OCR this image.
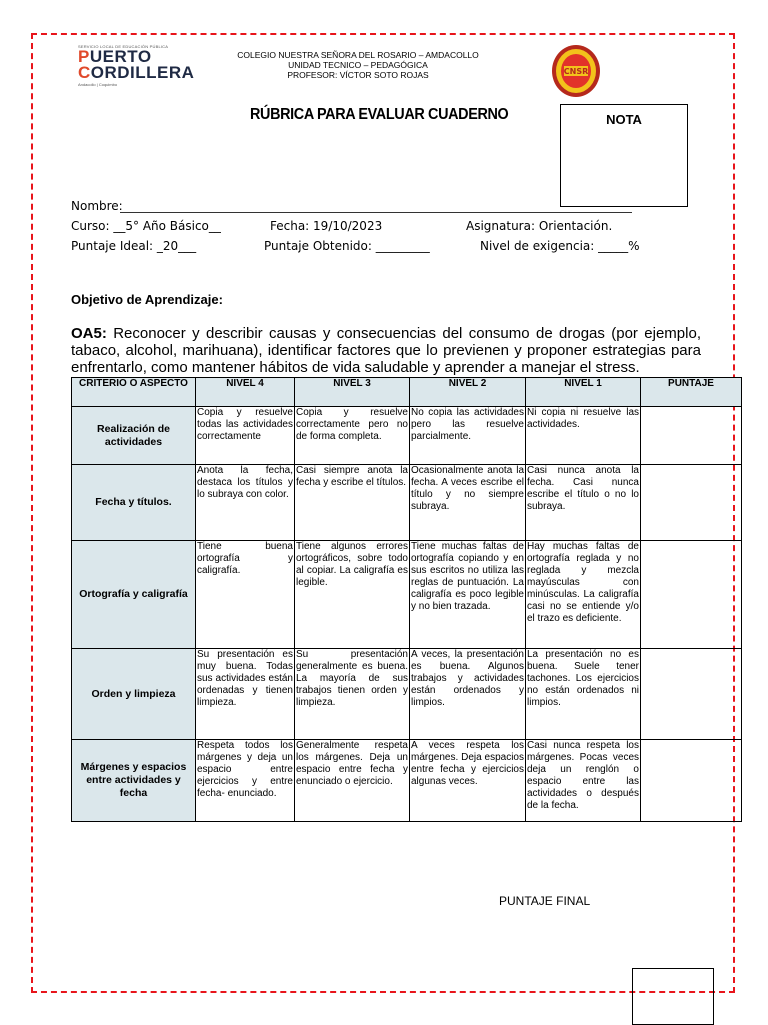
SERVICIO LOCAL DE EDUCACIÓN PÚBLICA
PUERTO
CORDILLERA
Andacollo | Coquimbo
COLEGIO NUESTRA SEÑORA DEL ROSARIO – AMDACOLLO
UNIDAD TECNICO – PEDAGÓGICA
PROFESOR: VÍCTOR SOTO ROJAS	CNSR
RÚBRICA PARA EVALUAR CUADERNO	NOTA
Nombre:
Curso: __5° Año Básico__	Fecha: 19/10/2023	Asignatura: Orientación.
Puntaje Ideal: _20___	Puntaje Obtenido: _________	Nivel de exigencia: _____%
Objetivo de Aprendizaje:
OA5: Reconocer y describir causas y consecuencias del consumo de drogas (por ejemplo, tabaco, alcohol, marihuana), identificar factores que lo previenen y proponer estrategias para enfrentarlo, como mantener hábitos de vida saludable y aprender a manejar el stress.
CRITERIO O ASPECTO	NIVEL 4	NIVEL 3	NIVEL 2	NIVEL 1	PUNTAJE
Realización de actividades	Copia y resuelve todas las actividades correctamente	Copia y resuelve correctamente pero no de forma completa.	No copia las actividades pero las resuelve parcialmente.	Ni copia ni resuelve las actividades.	
Fecha y títulos.	Anota la fecha, destaca los títulos y lo subraya con color.	Casi siempre anota la fecha y escribe el títulos.	Ocasionalmente anota la fecha. A veces escribe el título y no siempre subraya.	Casi nunca anota la fecha. Casi nunca escribe el título o no lo subraya.	
Ortografía y caligrafía	Tiene buena ortografía y caligrafía.	Tiene algunos errores ortográficos, sobre todo al copiar. La caligrafía es legible.	Tiene muchas faltas de ortografía copiando y en sus escritos no utiliza las reglas de puntuación. La caligrafía es poco legible y no bien trazada.	Hay muchas faltas de ortografía reglada y no reglada y mezcla mayúsculas con minúsculas. La caligrafía casi no se entiende y/o el trazo es deficiente.	
Orden y limpieza	Su presentación es muy buena. Todas sus actividades están ordenadas y tienen limpieza.	Su presentación generalmente es buena. La mayoría de sus trabajos tienen orden y limpieza.	A veces, la presentación es buena. Algunos trabajos y actividades están ordenados y limpios.	La presentación no es buena. Suele tener tachones. Los ejercicios no están ordenados ni limpios.	
Márgenes y espacios entre actividades y fecha	Respeta todos los márgenes y deja un espacio entre ejercicios y entre fecha- enunciado.	Generalmente respeta los márgenes. Deja un espacio entre fecha y enunciado o ejercicio.	A veces respeta los márgenes. Deja espacios entre fecha y ejercicios algunas veces.	Casi nunca respeta los márgenes. Pocas veces deja un renglón o espacio entre las actividades o después de la fecha.	
PUNTAJE FINAL
